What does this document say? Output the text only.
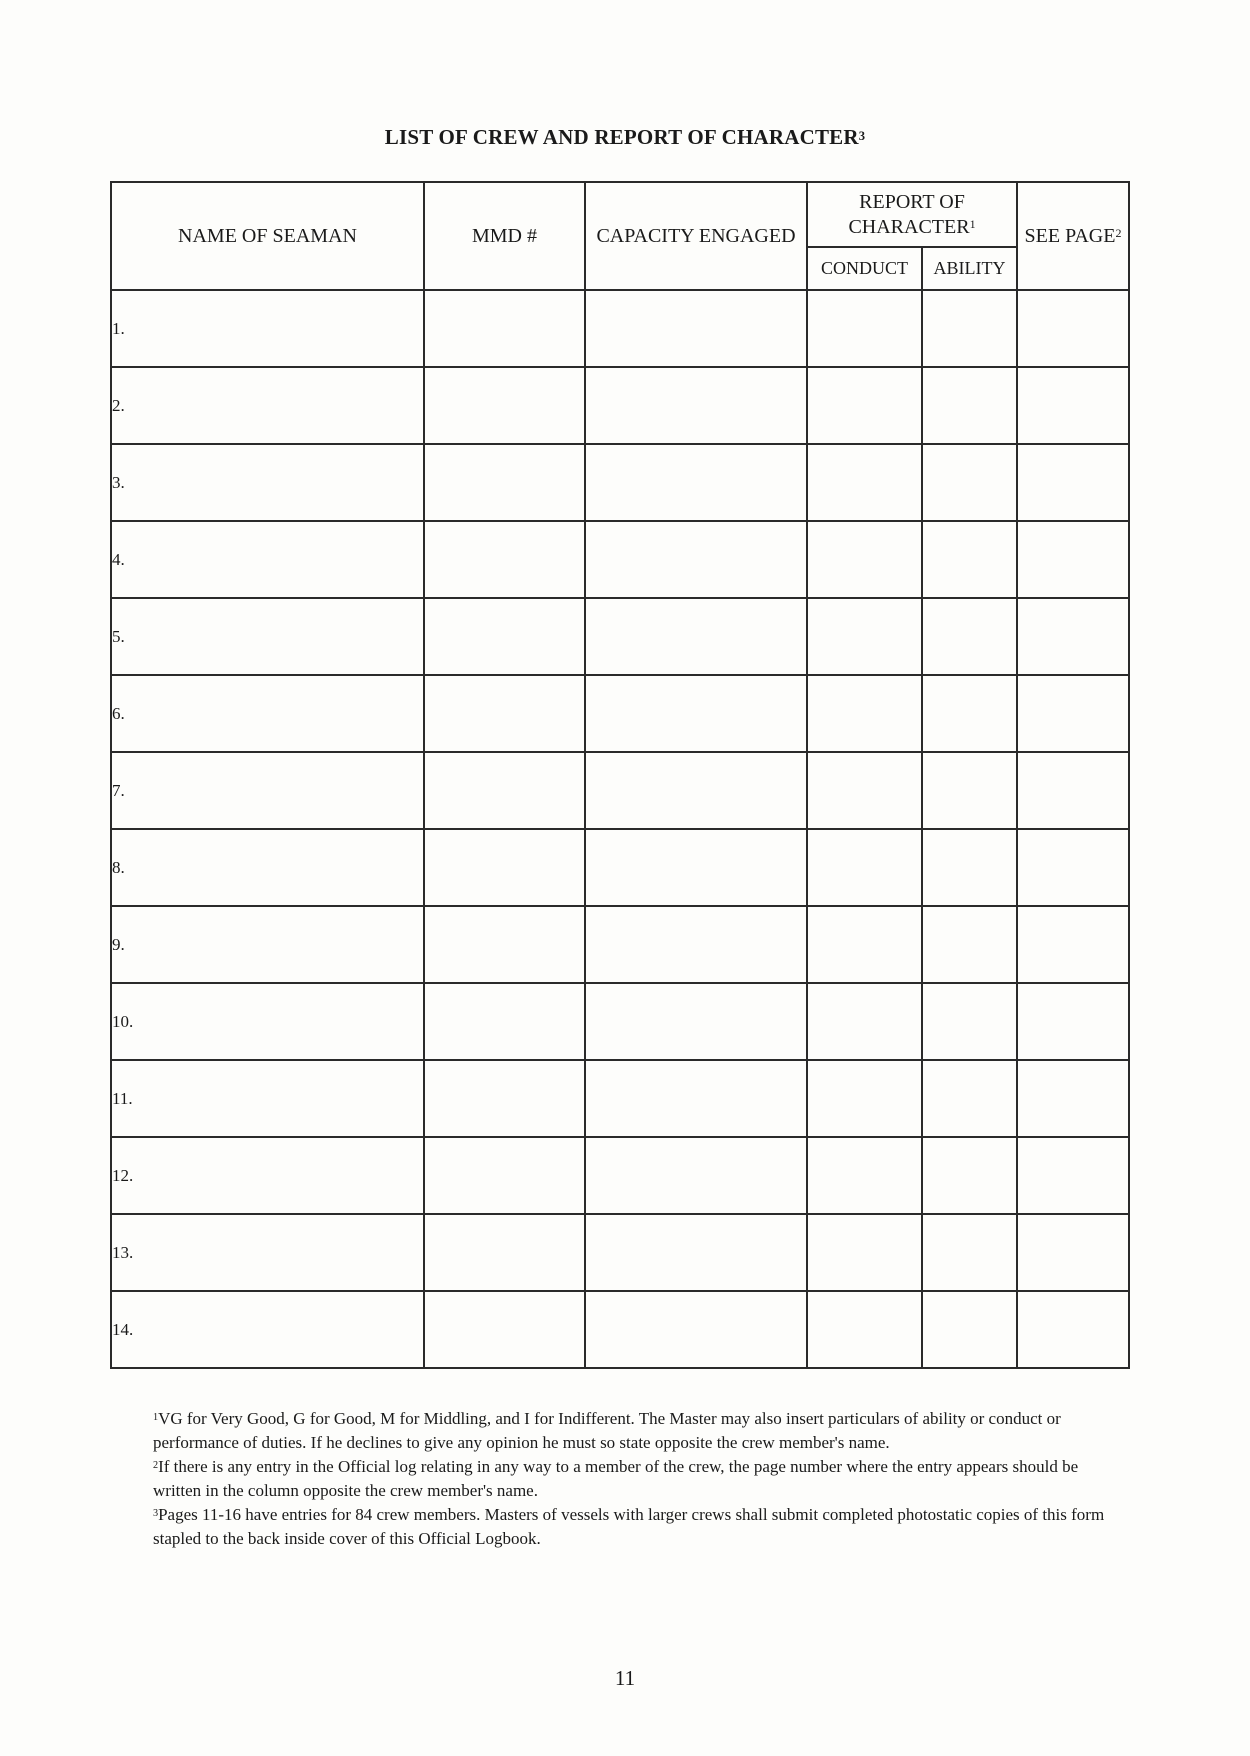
LIST OF CREW AND REPORT OF CHARACTER$^3$
NAME OF SEAMAN	MMD #	CAPACITY ENGAGED	REPORT OF CHARACTER$^1$		SEE PAGE$^2$
			CONDUCT	ABILITY	
1.					
2.					
3.					
4.					
5.					
6.					
7.					
8.					
9.					
10.					
11.					
12.					
13.					
14.					

$^1$VG for Very Good, G for Good, M for Middling, and I for Indifferent. The Master may also insert particulars of ability or conduct or performance of duties. If he declines to give any opinion he must so state opposite the crew member's name.

$^2$If there is any entry in the Official log relating in any way to a member of the crew, the page number where the entry appears should be written in the column opposite the crew member's name.

$^3$Pages 11-16 have entries for 84 crew members. Masters of vessels with larger crews shall submit completed photostatic copies of this form stapled to the back inside cover of this Official Logbook.

11
